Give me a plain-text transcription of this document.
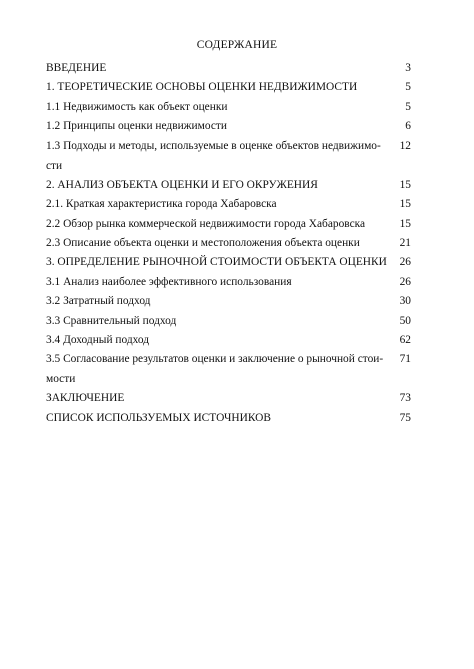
СОДЕРЖАНИЕ
ВВЕДЕНИЕ	3
1. ТЕОРЕТИЧЕСКИЕ ОСНОВЫ ОЦЕНКИ НЕДВИЖИМОСТИ	5
1.1 Недвижимость как объект оценки	5
1.2 Принципы оценки недвижимости	6
1.3 Подходы и методы, используемые в оценке объектов недвижимо-	12
сти
2. АНАЛИЗ ОБЪЕКТА ОЦЕНКИ И ЕГО ОКРУЖЕНИЯ	15
2.1. Краткая характеристика города Хабаровска	15
2.2 Обзор рынка коммерческой недвижимости города Хабаровска	15
2.3 Описание объекта оценки и местоположения объекта оценки	21
3. ОПРЕДЕЛЕНИЕ РЫНОЧНОЙ СТОИМОСТИ ОБЪЕКТА ОЦЕНКИ	26
3.1 Анализ наиболее эффективного использования	26
3.2 Затратный подход	30
3.3 Сравнительный подход	50
3.4 Доходный подход	62
3.5 Согласование результатов оценки и заключение о рыночной стои-	71
мости
ЗАКЛЮЧЕНИЕ	73
СПИСОК ИСПОЛЬЗУЕМЫХ ИСТОЧНИКОВ	75
